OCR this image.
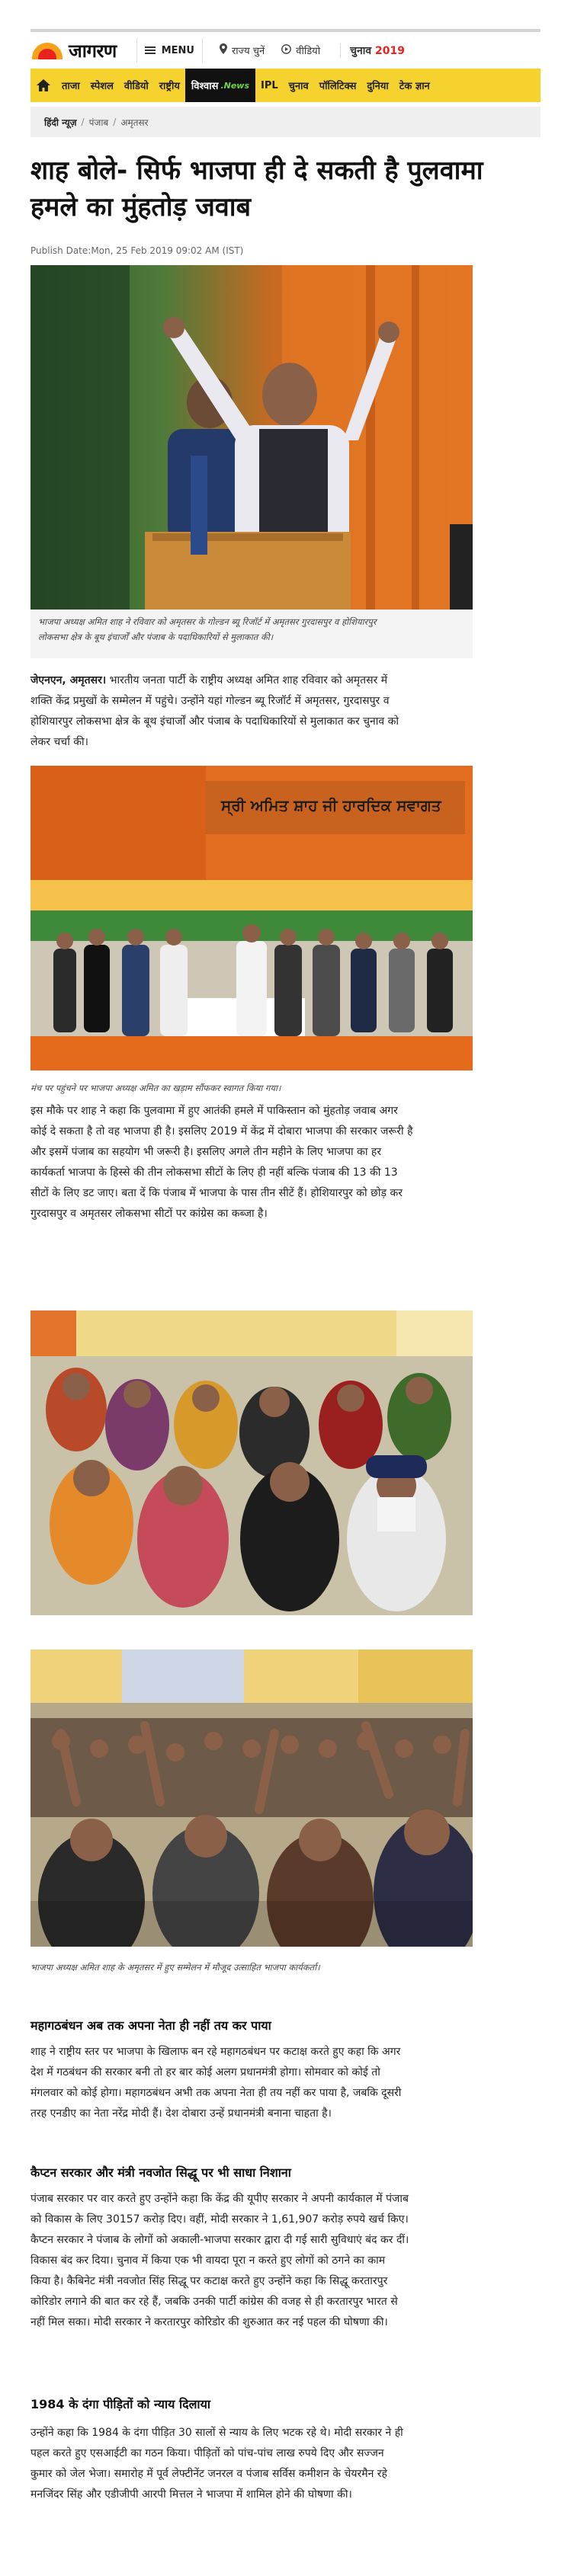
जागरण	MENU	राज्य चुनें	वीडियो	चुनाव 2019
ताजा	स्पेशल	वीडियो	राष्ट्रीय	विश्वास .News	IPL	चुनाव	पॉलिटिक्स	दुनिया	टेक ज्ञान
हिंदी न्यूज़ / पंजाब / अमृतसर
शाह बोले- सिर्फ भाजपा ही दे सकती है पुलवामा
हमले का मुंहतोड़ जवाब
Publish Date:Mon, 25 Feb 2019 09:02 AM (IST)
भाजपा अध्यक्ष अमित शाह ने रविवार को अमृतसर के गोल्डन ब्यू रिजॉर्ट में अमृतसर गुरदासपुर व होशियारपुर
लोकसभा क्षेत्र के बूथ इंचार्जों और पंजाब के पदाधिकारियों से मुलाकात की।
जेएनएन, अमृतसर। भारतीय जनता पार्टी के राष्ट्रीय अध्यक्ष अमित शाह रविवार को अमृतसर में
शक्ति केंद्र प्रमुखों के सम्मेलन में पहुंचे। उन्होंने यहां गोल्डन ब्यू रिजॉर्ट में अमृतसर, गुरदासपुर व
होशियारपुर लोकसभा क्षेत्र के बूथ इंचार्जों और पंजाब के पदाधिकारियों से मुलाकात कर चुनाव को
लेकर चर्चा की।
ਸ੍ਰੀ ਅਮਿਤ ਸ਼ਾਹ ਜੀ ਹਾਰਦਿਕ ਸਵਾਗਤ
मंच पर पहुंचने पर भाजपा अध्यक्ष अमित का खड़ाम सौंफकर स्वागत किया गया।
इस मौके पर शाह ने कहा कि पुलवामा में हुए आतंकी हमले में पाकिस्तान को मुंहतोड़ जवाब अगर
कोई दे सकता है तो वह भाजपा ही है। इसलिए 2019 में केंद्र में दोबारा भाजपा की सरकार जरूरी है
और इसमें पंजाब का सहयोग भी जरूरी है। इसलिए अगले तीन महीने के लिए भाजपा का हर
कार्यकर्ता भाजपा के हिस्से की तीन लोकसभा सीटों के लिए ही नहीं बल्कि पंजाब की 13 की 13
सीटों के लिए डट जाए। बता दें कि पंजाब में भाजपा के पास तीन सीटें हैं। होशियारपुर को छोड़ कर
गुरदासपुर व अमृतसर लोकसभा सीटों पर कांग्रेस का कब्जा है।
भाजपा अध्यक्ष अमित शाह के अमृतसर में हुए सम्मेलन में मौजूद उत्साहित भाजपा कार्यकर्ता।
महागठबंधन अब तक अपना नेता ही नहीं तय कर पाया
शाह ने राष्ट्रीय स्तर पर भाजपा के खिलाफ बन रहे महागठबंधन पर कटाक्ष करते हुए कहा कि अगर
देश में गठबंधन की सरकार बनी तो हर बार कोई अलग प्रधानमंत्री होगा। सोमवार को कोई तो
मंगलवार को कोई होगा। महागठबंधन अभी तक अपना नेता ही तय नहीं कर पाया है, जबकि दूसरी
तरह एनडीए का नेता नरेंद्र मोदी हैं। देश दोबारा उन्हें प्रधानमंत्री बनाना चाहता है।
कैप्टन सरकार और मंत्री नवजोत सिद्धू पर भी साधा निशाना
पंजाब सरकार पर वार करते हुए उन्होंने कहा कि केंद्र की यूपीए सरकार ने अपनी कार्यकाल में पंजाब
को विकास के लिए 30157 करोड़ दिए। वहीं, मोदी सरकार ने 1,61,907 करोड़ रुपये खर्च किए।
कैप्टन सरकार ने पंजाब के लोगों को अकाली-भाजपा सरकार द्वारा दी गई सारी सुविधाएं बंद कर दीं।
विकास बंद कर दिया। चुनाव में किया एक भी वायदा पूरा न करते हुए लोगों को ठगने का काम
किया है। कैबिनेट मंत्री नवजोत सिंह सिद्धू पर कटाक्ष करते हुए उन्होंने कहा कि सिद्धू करतारपुर
कोरिडोर लगाने की बात कर रहे हैं, जबकि उनकी पार्टी कांग्रेस की वजह से ही करतारपुर भारत से
नहीं मिल सका। मोदी सरकार ने करतारपुर कोरिडोर की शुरुआत कर नई पहल की घोषणा की।
1984 के दंगा पीड़ितों को न्याय दिलाया
उन्होंने कहा कि 1984 के दंगा पीड़ित 30 सालों से न्याय के लिए भटक रहे थे। मोदी सरकार ने ही
पहल करते हुए एसआईटी का गठन किया। पीड़ितों को पांच-पांच लाख रुपये दिए और सज्जन
कुमार को जेल भेजा। समारोह में पूर्व लेफ्टीनेंट जनरल व पंजाब सर्विस कमीशन के चेयरमैन रहे
मनजिंदर सिंह और एडीजीपी आरपी मित्तल ने भाजपा में शामिल होने की घोषणा की।
